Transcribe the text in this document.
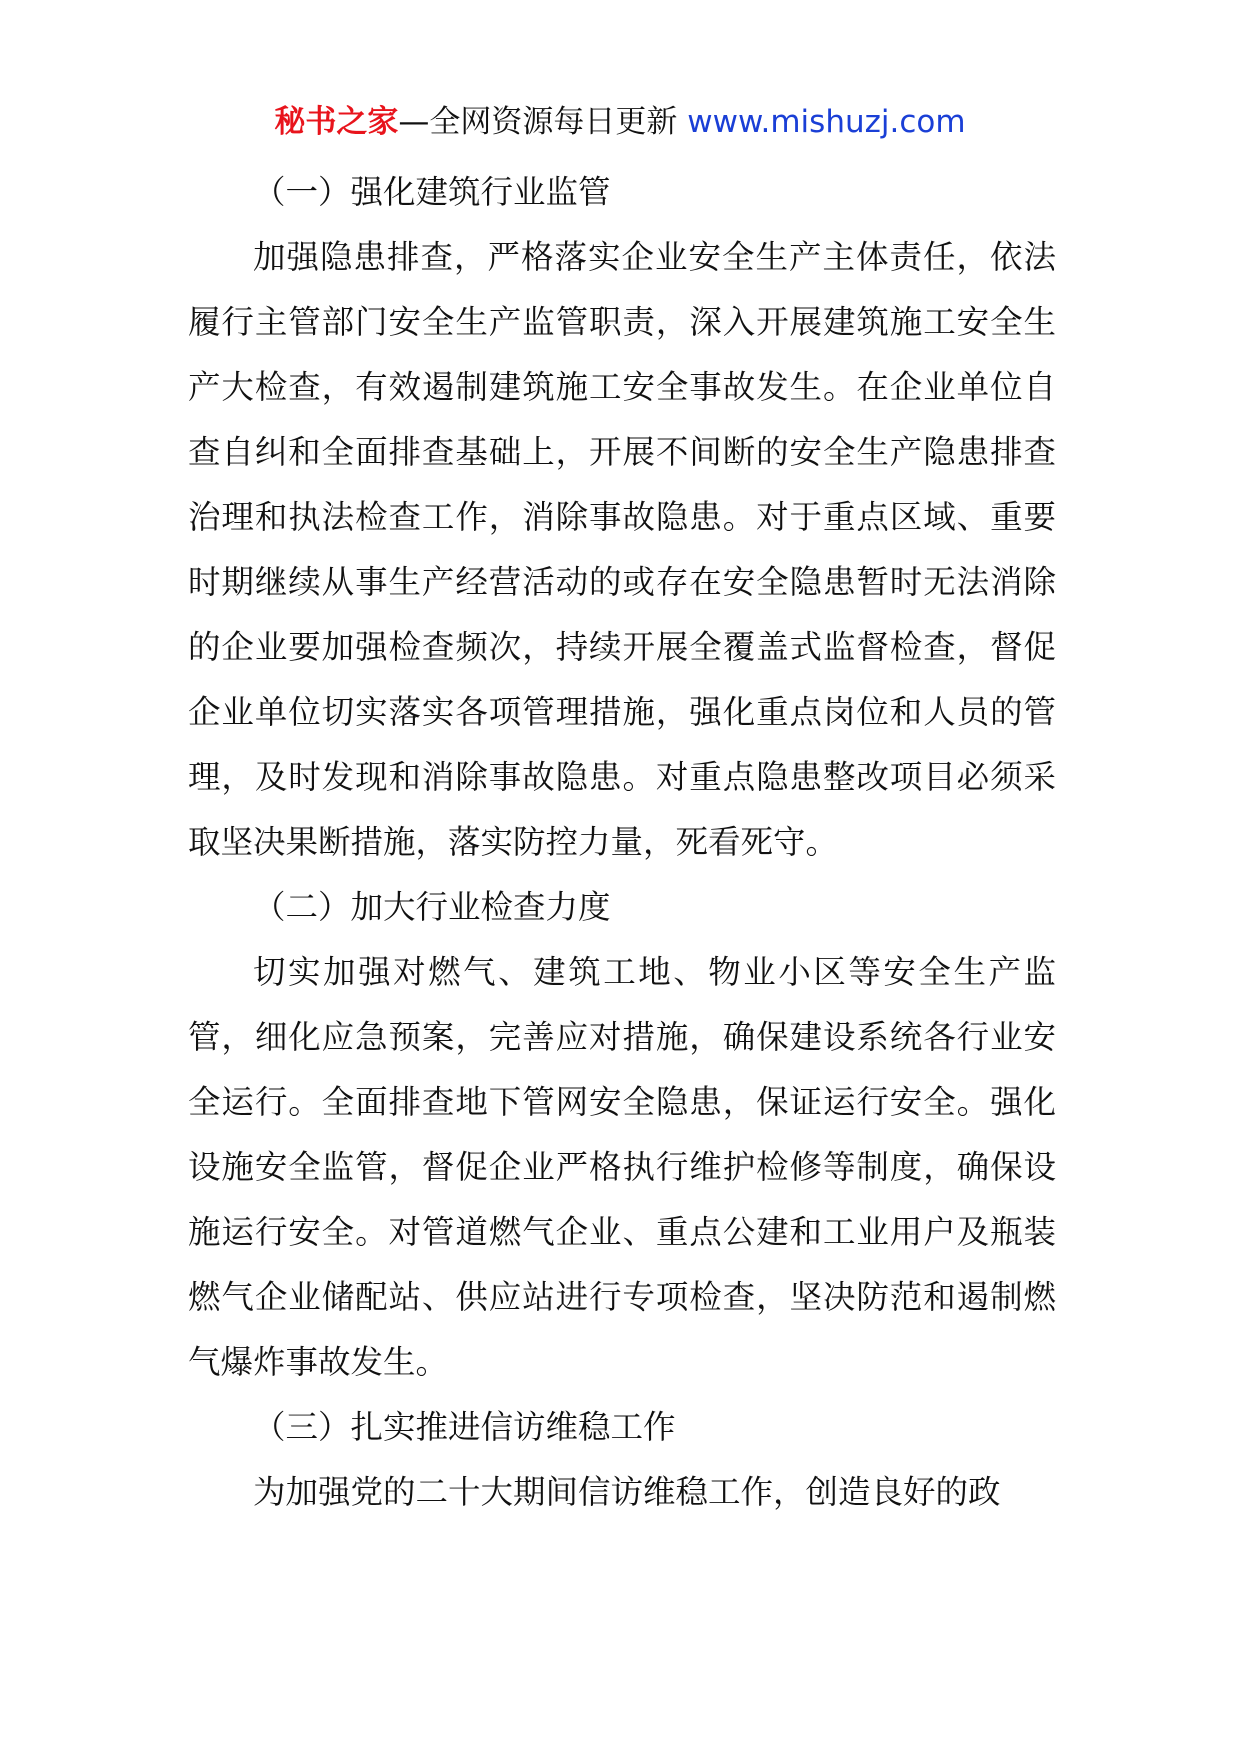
秘书之家—全网资源每日更新 www.mishuzj.com

（一）强化建筑行业监管

加强隐患排查，严格落实企业安全生产主体责任，依法履行主管部门安全生产监管职责，深入开展建筑施工安全生产大检查，有效遏制建筑施工安全事故发生。在企业单位自查自纠和全面排查基础上，开展不间断的安全生产隐患排查治理和执法检查工作，消除事故隐患。对于重点区域、重要时期继续从事生产经营活动的或存在安全隐患暂时无法消除的企业要加强检查频次，持续开展全覆盖式监督检查，督促企业单位切实落实各项管理措施，强化重点岗位和人员的管理，及时发现和消除事故隐患。对重点隐患整改项目必须采取坚决果断措施，落实防控力量，死看死守。

（二）加大行业检查力度

切实加强对燃气、建筑工地、物业小区等安全生产监管，细化应急预案，完善应对措施，确保建设系统各行业安全运行。全面排查地下管网安全隐患，保证运行安全。强化设施安全监管，督促企业严格执行维护检修等制度，确保设施运行安全。对管道燃气企业、重点公建和工业用户及瓶装燃气企业储配站、供应站进行专项检查，坚决防范和遏制燃气爆炸事故发生。

（三）扎实推进信访维稳工作

为加强党的二十大期间信访维稳工作，创造良好的政
